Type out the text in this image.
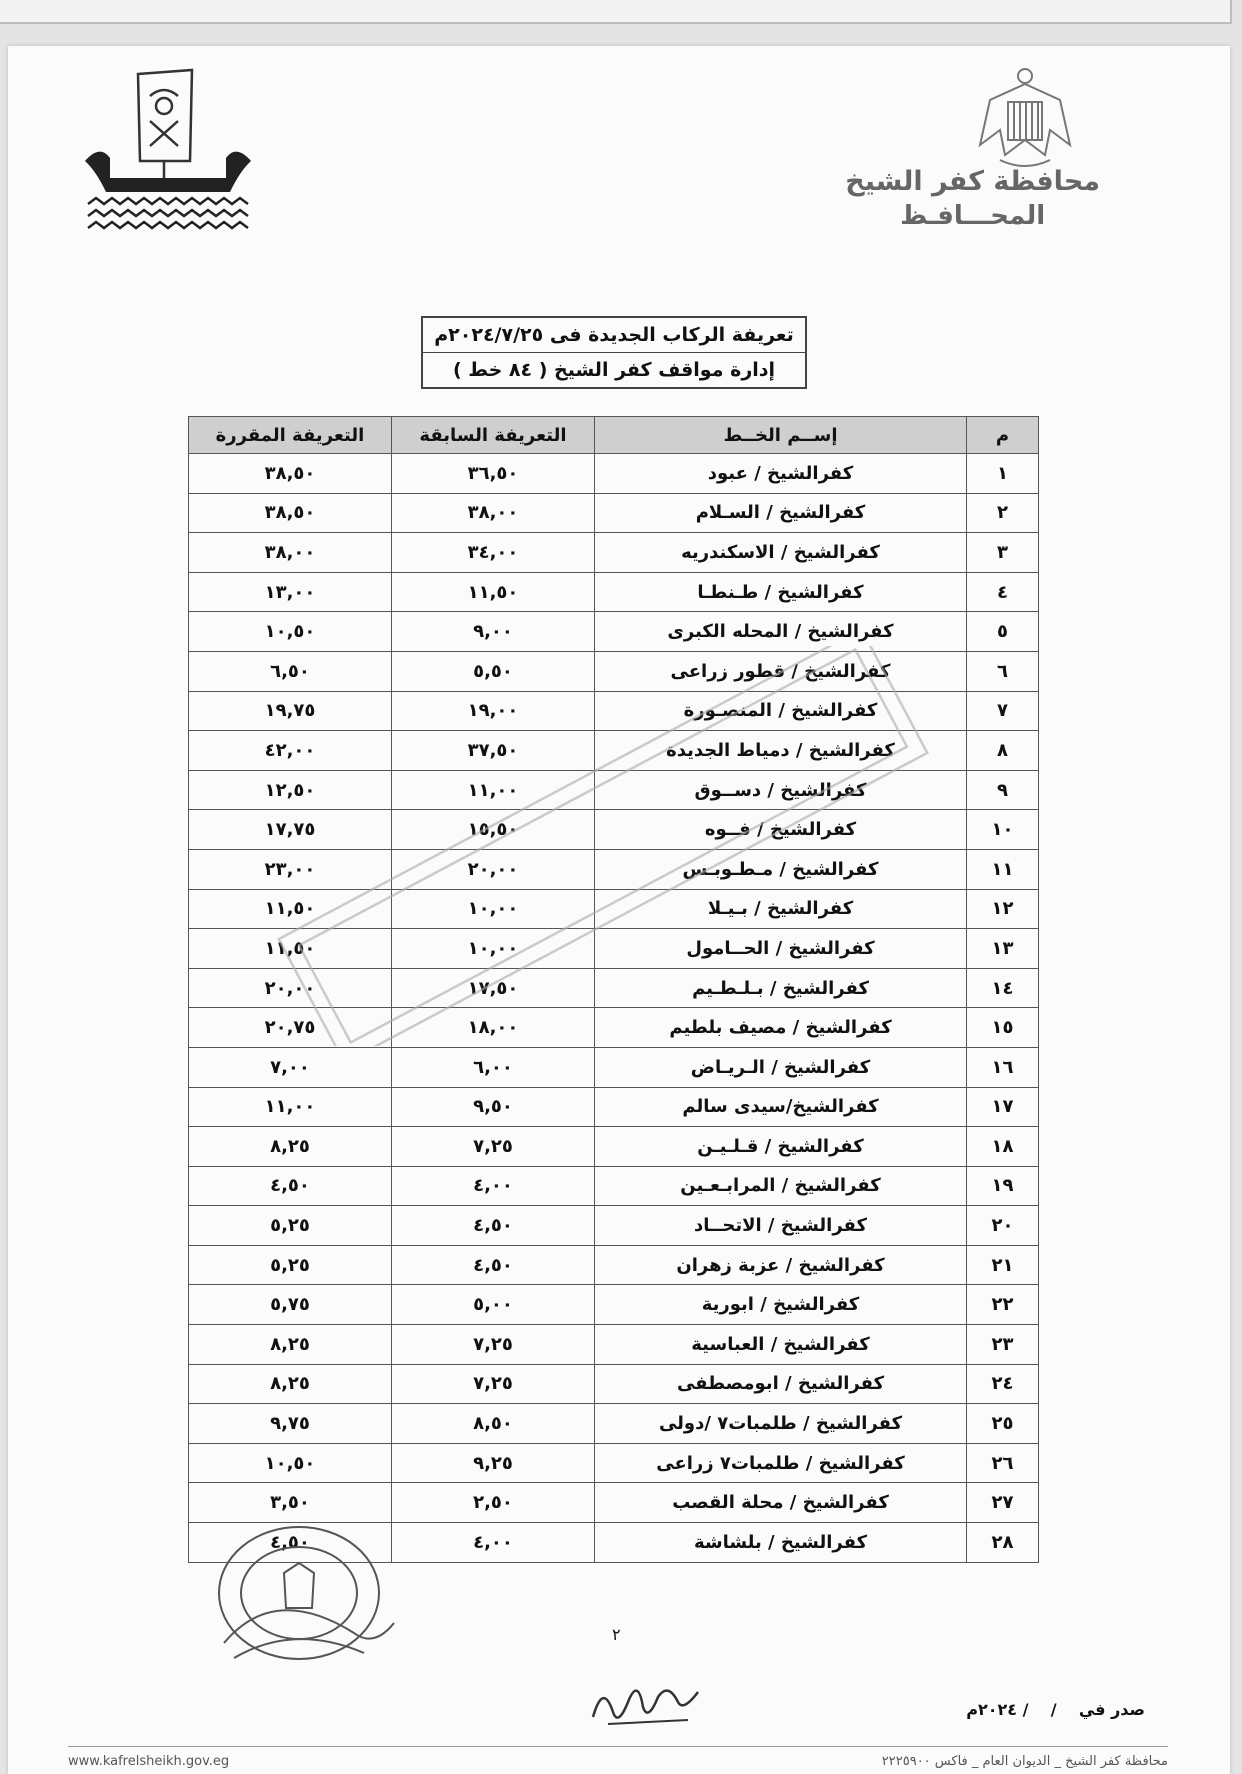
محافظة كفر الشيخ
المحـــافـظ
تعريفة الركاب الجديدة فى ٢٠٢٤/٧/٢٥م
إدارة مواقف كفر الشيخ ( ٨٤ خط )
م	إســم الخــط	التعريفة السابقة	التعريفة المقررة
١	كفرالشيخ / عبود	٣٦,٥٠	٣٨,٥٠
٢	كفرالشيخ / السـلام	٣٨,٠٠	٣٨,٥٠
٣	كفرالشيخ / الاسكندريه	٣٤,٠٠	٣٨,٠٠
٤	كفرالشيخ / طـنطـا	١١,٥٠	١٣,٠٠
٥	كفرالشيخ / المحله الكبرى	٩,٠٠	١٠,٥٠
٦	كفرالشيخ / قطور زراعى	٥,٥٠	٦,٥٠
٧	كفرالشيخ / المنصـورة	١٩,٠٠	١٩,٧٥
٨	كفرالشيخ / دمياط الجديدة	٣٧,٥٠	٤٢,٠٠
٩	كفرالشيخ / دســوق	١١,٠٠	١٢,٥٠
١٠	كفرالشيخ / فــوه	١٥,٥٠	١٧,٧٥
١١	كفرالشيخ / مـطـوبـس	٢٠,٠٠	٢٣,٠٠
١٢	كفرالشيخ / بـيـلا	١٠,٠٠	١١,٥٠
١٣	كفرالشيخ / الحــامول	١٠,٠٠	١١,٥٠
١٤	كفرالشيخ / بـلـطـيم	١٧,٥٠	٢٠,٠٠
١٥	كفرالشيخ / مصيف بلطيم	١٨,٠٠	٢٠,٧٥
١٦	كفرالشيخ / الـريـاض	٦,٠٠	٧,٠٠
١٧	كفرالشيخ/سيدى سالم	٩,٥٠	١١,٠٠
١٨	كفرالشيخ / قـلـيـن	٧,٢٥	٨,٢٥
١٩	كفرالشيخ / المرابـعـين	٤,٠٠	٤,٥٠
٢٠	كفرالشيخ / الاتحــاد	٤,٥٠	٥,٢٥
٢١	كفرالشيخ / عزبة زهران	٤,٥٠	٥,٢٥
٢٢	كفرالشيخ / ابورية	٥,٠٠	٥,٧٥
٢٣	كفرالشيخ / العباسية	٧,٢٥	٨,٢٥
٢٤	كفرالشيخ / ابومصطفى	٧,٢٥	٨,٢٥
٢٥	كفرالشيخ / طلمبات٧ /دولى	٨,٥٠	٩,٧٥
٢٦	كفرالشيخ / طلمبات٧ زراعى	٩,٢٥	١٠,٥٠
٢٧	كفرالشيخ / محلة القصب	٢,٥٠	٣,٥٠
٢٨	كفرالشيخ / بلشاشة	٤,٠٠	٤,٥٠
٢
صدر في    /    / ٢٠٢٤م
محافظة كفر الشيخ _ الديوان العام _ فاكس ٢٢٢٥٩٠٠
www.kafrelsheikh.gov.eg
